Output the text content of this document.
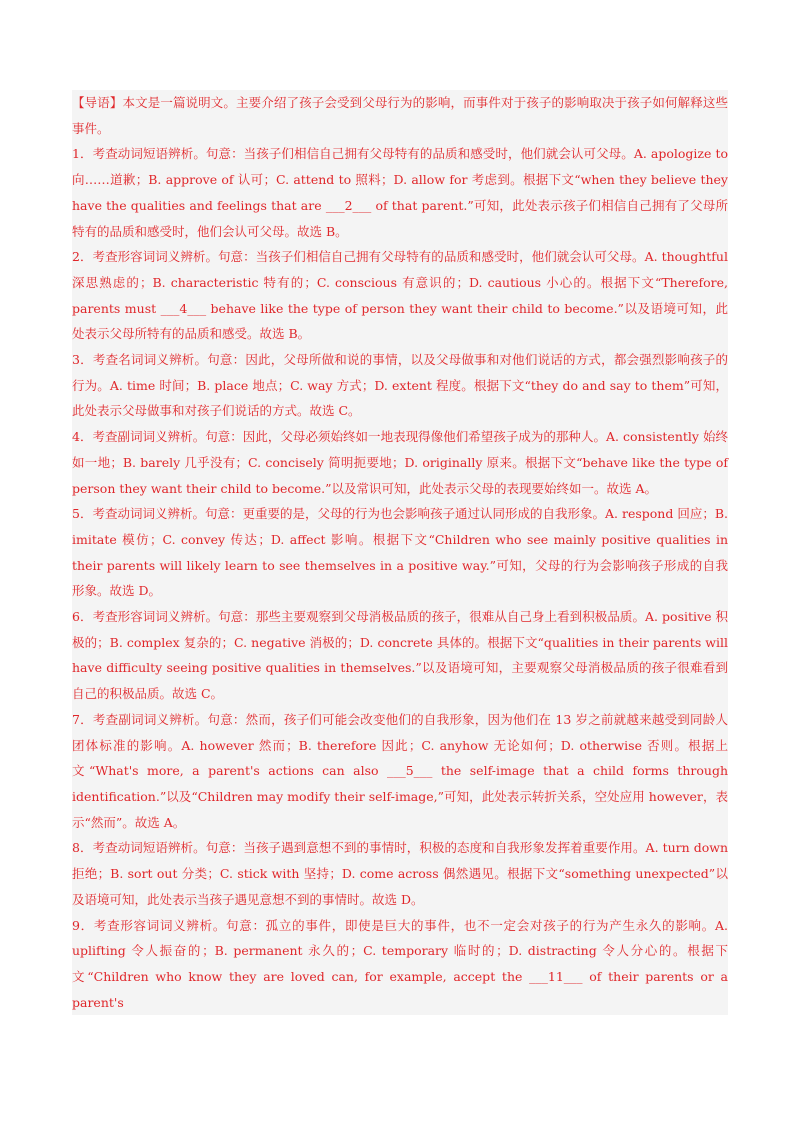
【导语】本文是一篇说明文。主要介绍了孩子会受到父母行为的影响，而事件对于孩子的影响取决于孩子如何解释这些事件。

1．考查动词短语辨析。句意：当孩子们相信自己拥有父母特有的品质和感受时，他们就会认可父母。A. apologize to 向……道歉；B. approve of 认可；C. attend to 照料；D. allow for 考虑到。根据下文“when they believe they have the qualities and feelings that are ___2___ of that parent.”可知，此处表示孩子们相信自己拥有了父母所特有的品质和感受时，他们会认可父母。故选 B。

2．考查形容词词义辨析。句意：当孩子们相信自己拥有父母特有的品质和感受时，他们就会认可父母。A. thoughtful 深思熟虑的；B. characteristic 特有的；C. conscious 有意识的；D. cautious 小心的。根据下文“Therefore, parents must ___4___ behave like the type of person they want their child to become.”以及语境可知，此处表示父母所特有的品质和感受。故选 B。

3．考查名词词义辨析。句意：因此，父母所做和说的事情，以及父母做事和对他们说话的方式，都会强烈影响孩子的行为。A. time 时间；B. place 地点；C. way 方式；D. extent 程度。根据下文“they do and say to them”可知，此处表示父母做事和对孩子们说话的方式。故选 C。

4．考查副词词义辨析。句意：因此，父母必须始终如一地表现得像他们希望孩子成为的那种人。A. consistently 始终如一地；B. barely 几乎没有；C. concisely 简明扼要地；D. originally 原来。根据下文“behave like the type of person they want their child to become.”以及常识可知，此处表示父母的表现要始终如一。故选 A。

5．考查动词词义辨析。句意：更重要的是，父母的行为也会影响孩子通过认同形成的自我形象。A. respond 回应；B. imitate 模仿；C. convey 传达；D. affect 影响。根据下文“Children who see mainly positive qualities in their parents will likely learn to see themselves in a positive way.”可知，父母的行为会影响孩子形成的自我形象。故选 D。

6．考查形容词词义辨析。句意：那些主要观察到父母消极品质的孩子，很难从自己身上看到积极品质。A. positive 积极的；B. complex 复杂的；C. negative 消极的；D. concrete 具体的。根据下文“qualities in their parents will have difficulty seeing positive qualities in themselves.”以及语境可知，主要观察父母消极品质的孩子很难看到自己的积极品质。故选 C。

7．考查副词词义辨析。句意：然而，孩子们可能会改变他们的自我形象，因为他们在 13 岁之前就越来越受到同龄人团体标准的影响。A. however 然而；B. therefore 因此；C. anyhow 无论如何；D. otherwise 否则。根据上文“What's more, a parent's actions can also ___5___ the self-image that a child forms through identification.”以及“Children may modify their self-image,”可知，此处表示转折关系，空处应用 however，表示“然而”。故选 A。

8．考查动词短语辨析。句意：当孩子遇到意想不到的事情时，积极的态度和自我形象发挥着重要作用。A. turn down 拒绝；B. sort out 分类；C. stick with 坚持；D. come across 偶然遇见。根据下文“something unexpected”以及语境可知，此处表示当孩子遇见意想不到的事情时。故选 D。

9．考查形容词词义辨析。句意：孤立的事件，即使是巨大的事件，也不一定会对孩子的行为产生永久的影响。A. uplifting 令人振奋的；B. permanent 永久的；C. temporary 临时的；D. distracting 令人分心的。根据下文“Children who know they are loved can, for example, accept the ___11___ of their parents or a parent's
